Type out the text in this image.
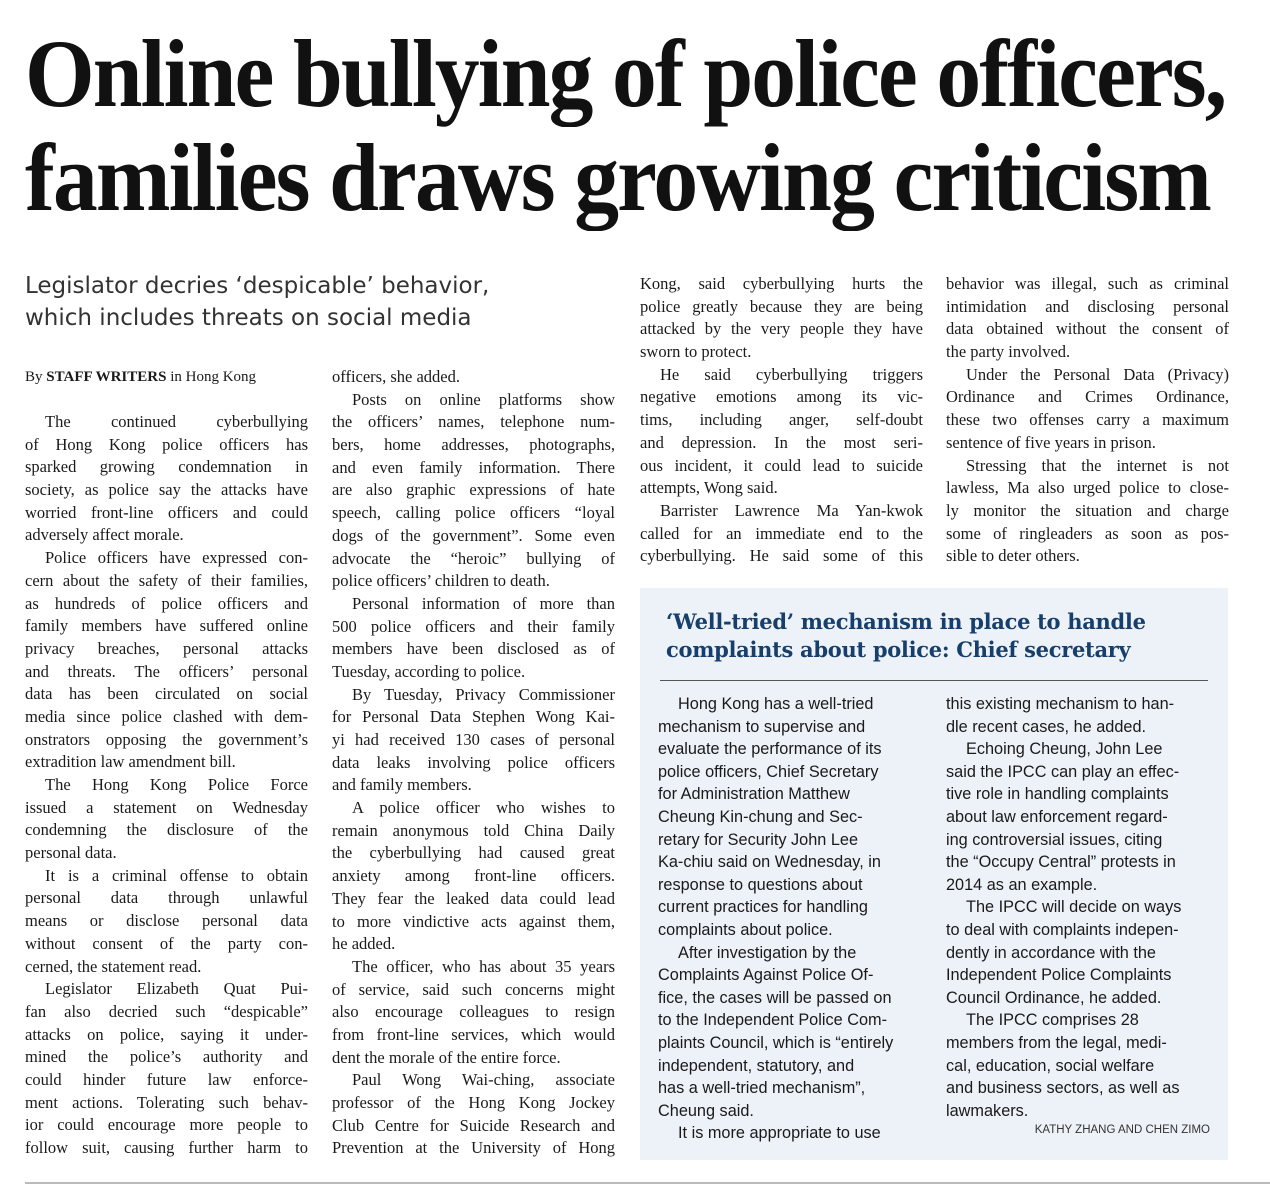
Online bullying of police officers,
families draws growing criticism
Legislator decries ‘despicable’ behavior,
which includes threats on social media
By STAFF WRITERS in Hong Kong
The continued cyberbullying
of Hong Kong police officers has
sparked growing condemnation in
society, as police say the attacks have
worried front-line officers and could
adversely affect morale.
Police officers have expressed con-
cern about the safety of their families,
as hundreds of police officers and
family members have suffered online
privacy breaches, personal attacks
and threats. The officers’ personal
data has been circulated on social
media since police clashed with dem-
onstrators opposing the government’s
extradition law amendment bill.
The Hong Kong Police Force
issued a statement on Wednesday
condemning the disclosure of the
personal data.
It is a criminal offense to obtain
personal data through unlawful
means or disclose personal data
without consent of the party con-
cerned, the statement read.
Legislator Elizabeth Quat Pui-
fan also decried such “despicable”
attacks on police, saying it under-
mined the police’s authority and
could hinder future law enforce-
ment actions. Tolerating such behav-
ior could encourage more people to
follow suit, causing further harm to
officers, she added.
Posts on online platforms show
the officers’ names, telephone num-
bers, home addresses, photographs,
and even family information. There
are also graphic expressions of hate
speech, calling police officers “loyal
dogs of the government”. Some even
advocate the “heroic” bullying of
police officers’ children to death.
Personal information of more than
500 police officers and their family
members have been disclosed as of
Tuesday, according to police.
By Tuesday, Privacy Commissioner
for Personal Data Stephen Wong Kai-
yi had received 130 cases of personal
data leaks involving police officers
and family members.
A police officer who wishes to
remain anonymous told China Daily
the cyberbullying had caused great
anxiety among front-line officers.
They fear the leaked data could lead
to more vindictive acts against them,
he added.
The officer, who has about 35 years
of service, said such concerns might
also encourage colleagues to resign
from front-line services, which would
dent the morale of the entire force.
Paul Wong Wai-ching, associate
professor of the Hong Kong Jockey
Club Centre for Suicide Research and
Prevention at the University of Hong
Kong, said cyberbullying hurts the
police greatly because they are being
attacked by the very people they have
sworn to protect.
He said cyberbullying triggers
negative emotions among its vic-
tims, including anger, self-doubt
and depression. In the most seri-
ous incident, it could lead to suicide
attempts, Wong said.
Barrister Lawrence Ma Yan-kwok
called for an immediate end to the
cyberbullying. He said some of this
behavior was illegal, such as criminal
intimidation and disclosing personal
data obtained without the consent of
the party involved.
Under the Personal Data (Privacy)
Ordinance and Crimes Ordinance,
these two offenses carry a maximum
sentence of five years in prison.
Stressing that the internet is not
lawless, Ma also urged police to close-
ly monitor the situation and charge
some of ringleaders as soon as pos-
sible to deter others.
‘Well-tried’ mechanism in place to handle complaints about police: Chief secretary
Hong Kong has a well-tried
mechanism to supervise and
evaluate the performance of its
police officers, Chief Secretary
for Administration Matthew
Cheung Kin-chung and Sec-
retary for Security John Lee
Ka-chiu said on Wednesday, in
response to questions about
current practices for handling
complaints about police.
After investigation by the
Complaints Against Police Of-
fice, the cases will be passed on
to the Independent Police Com-
plaints Council, which is “entirely
independent, statutory, and
has a well-tried mechanism”,
Cheung said.
It is more appropriate to use
this existing mechanism to han-
dle recent cases, he added.
Echoing Cheung, John Lee
said the IPCC can play an effec-
tive role in handling complaints
about law enforcement regard-
ing controversial issues, citing
the “Occupy Central” protests in
2014 as an example.
The IPCC will decide on ways
to deal with complaints indepen-
dently in accordance with the
Independent Police Complaints
Council Ordinance, he added.
The IPCC comprises 28
members from the legal, medi-
cal, education, social welfare
and business sectors, as well as
lawmakers.
KATHY ZHANG AND CHEN ZIMO
